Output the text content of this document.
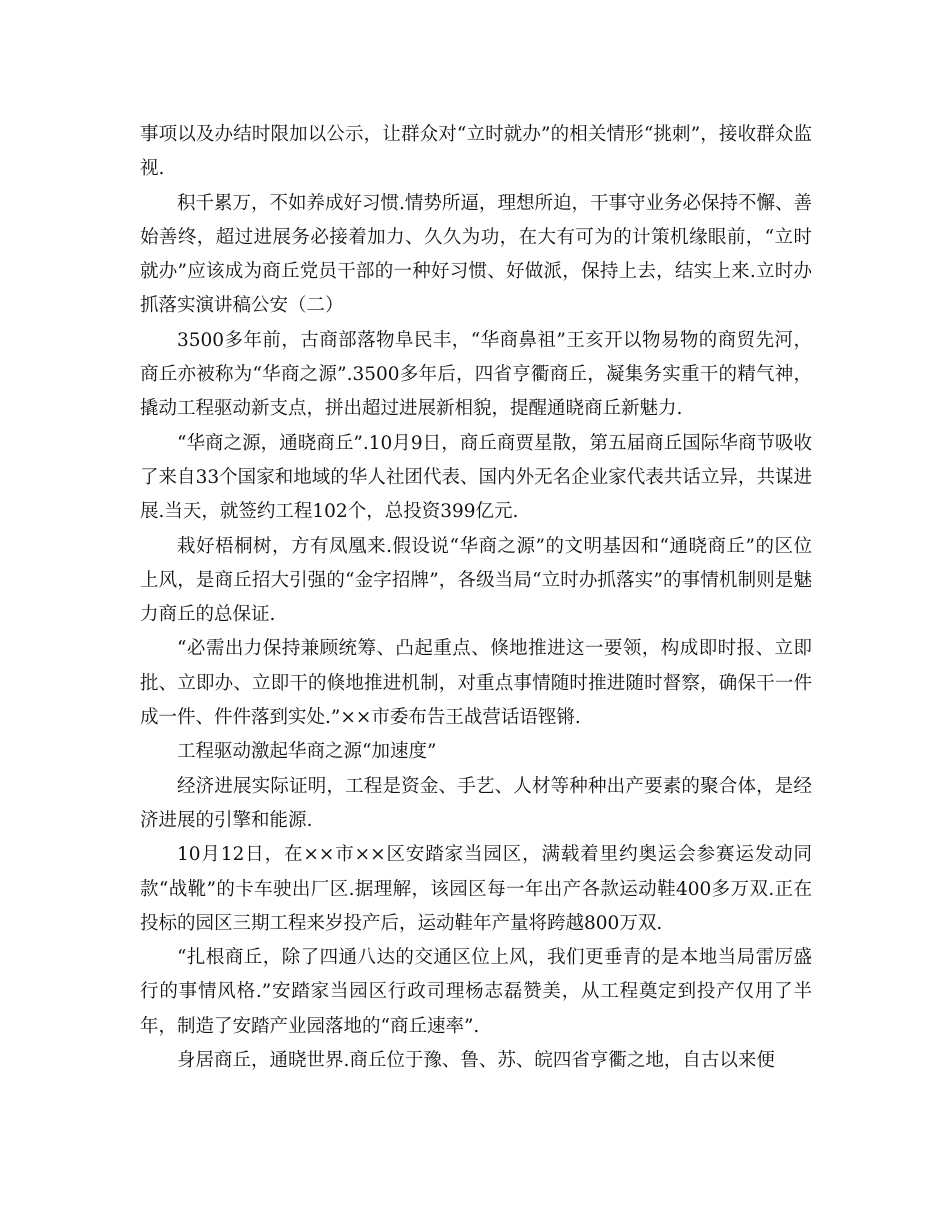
事项以及办结时限加以公示，让群众对“立时就办”的相关情形“挑刺”，接收群众监视.

积千累万，不如养成好习惯.情势所逼，理想所迫，干事守业务必保持不懈、善始善终，超过进展务必接着加力、久久为功，在大有可为的计策机缘眼前，“立时就办”应该成为商丘党员干部的一种好习惯、好做派，保持上去，结实上来.立时办抓落实演讲稿公安（二）

3500多年前，古商部落物阜民丰，“华商鼻祖”王亥开以物易物的商贸先河，商丘亦被称为“华商之源”.3500多年后，四省亨衢商丘，凝集务实重干的精气神，撬动工程驱动新支点，拼出超过进展新相貌，提醒通晓商丘新魅力.

“华商之源，通晓商丘”.10月9日，商丘商贾星散，第五届商丘国际华商节吸收了来自33个国家和地域的华人社团代表、国内外无名企业家代表共话立异，共谋进展.当天，就签约工程102个，总投资399亿元.

栽好梧桐树，方有凤凰来.假设说“华商之源”的文明基因和“通晓商丘”的区位上风，是商丘招大引强的“金字招牌”，各级当局“立时办抓落实”的事情机制则是魅力商丘的总保证.

“必需出力保持兼顾统筹、凸起重点、倏地推进这一要领，构成即时报、立即批、立即办、立即干的倏地推进机制，对重点事情随时推进随时督察，确保干一件成一件、件件落到实处.”××市委布告王战营话语铿锵.

工程驱动激起华商之源“加速度”

经济进展实际证明，工程是资金、手艺、人材等种种出产要素的聚合体，是经济进展的引擎和能源.

10月12日，在××市××区安踏家当园区，满载着里约奥运会参赛运发动同款“战靴”的卡车驶出厂区.据理解，该园区每一年出产各款运动鞋400多万双.正在投标的园区三期工程来岁投产后，运动鞋年产量将跨越800万双.

“扎根商丘，除了四通八达的交通区位上风，我们更垂青的是本地当局雷厉盛行的事情风格.”安踏家当园区行政司理杨志磊赞美，从工程奠定到投产仅用了半年，制造了安踏产业园落地的“商丘速率”.

身居商丘，通晓世界.商丘位于豫、鲁、苏、皖四省亨衢之地，自古以来便
